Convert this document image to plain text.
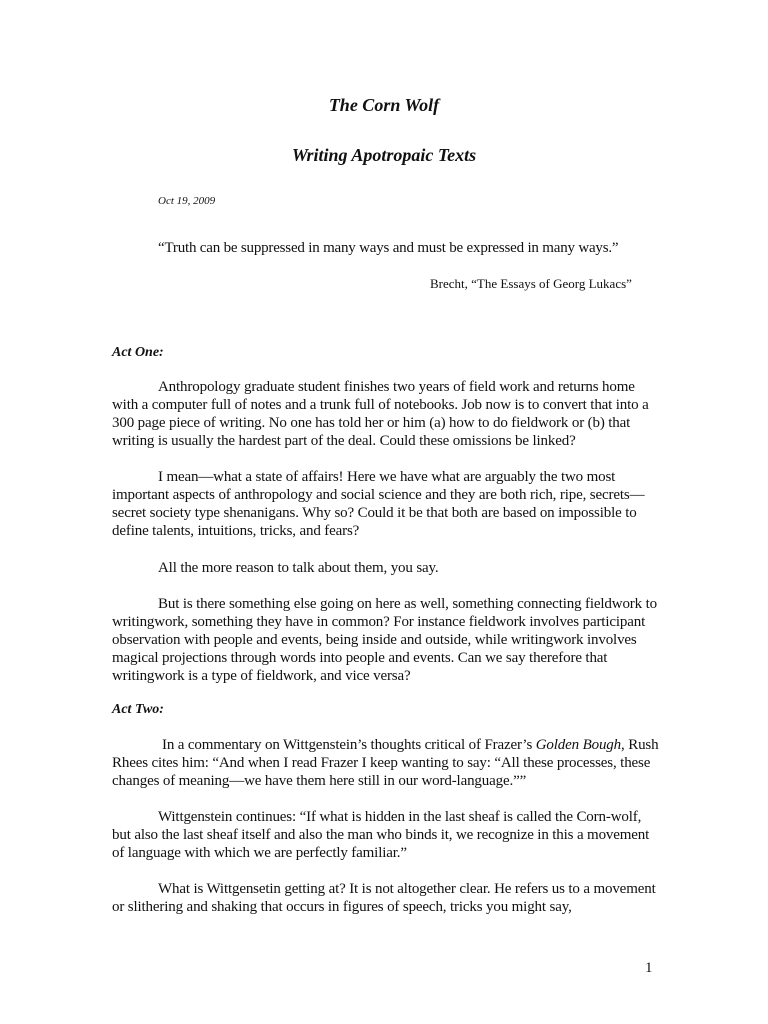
The Corn Wolf
Writing Apotropaic Texts

Oct 19, 2009

“Truth can be suppressed in many ways and must be expressed in many ways.”

Brecht, “The Essays of Georg Lukacs”

Act One:

Anthropology graduate student finishes two years of field work and returns home with a computer full of notes and a trunk full of notebooks. Job now is to convert that into a 300 page piece of writing. No one has told her or him (a) how to do fieldwork or (b) that writing is usually the hardest part of the deal. Could these omissions be linked?

I mean—what a state of affairs! Here we have what are arguably the two most important aspects of anthropology and social science and they are both rich, ripe, secrets—secret society type shenanigans. Why so? Could it be that both are based on impossible to define talents, intuitions, tricks, and fears?

All the more reason to talk about them, you say.

But is there something else going on here as well, something connecting fieldwork to writingwork, something they have in common? For instance fieldwork involves participant observation with people and events, being inside and outside, while writingwork involves magical projections through words into people and events. Can we say therefore that writingwork is a type of fieldwork, and vice versa?

Act Two:

In a commentary on Wittgenstein’s thoughts critical of Frazer’s Golden Bough, Rush Rhees cites him: “And when I read Frazer I keep wanting to say: “All these processes, these changes of meaning—we have them here still in our word-language.””

Wittgenstein continues: “If what is hidden in the last sheaf is called the Corn-wolf, but also the last sheaf itself and also the man who binds it, we recognize in this a movement of language with which we are perfectly familiar.”

What is Wittgensetin getting at? It is not altogether clear. He refers us to a movement or slithering and shaking that occurs in figures of speech, tricks you might say,

1
